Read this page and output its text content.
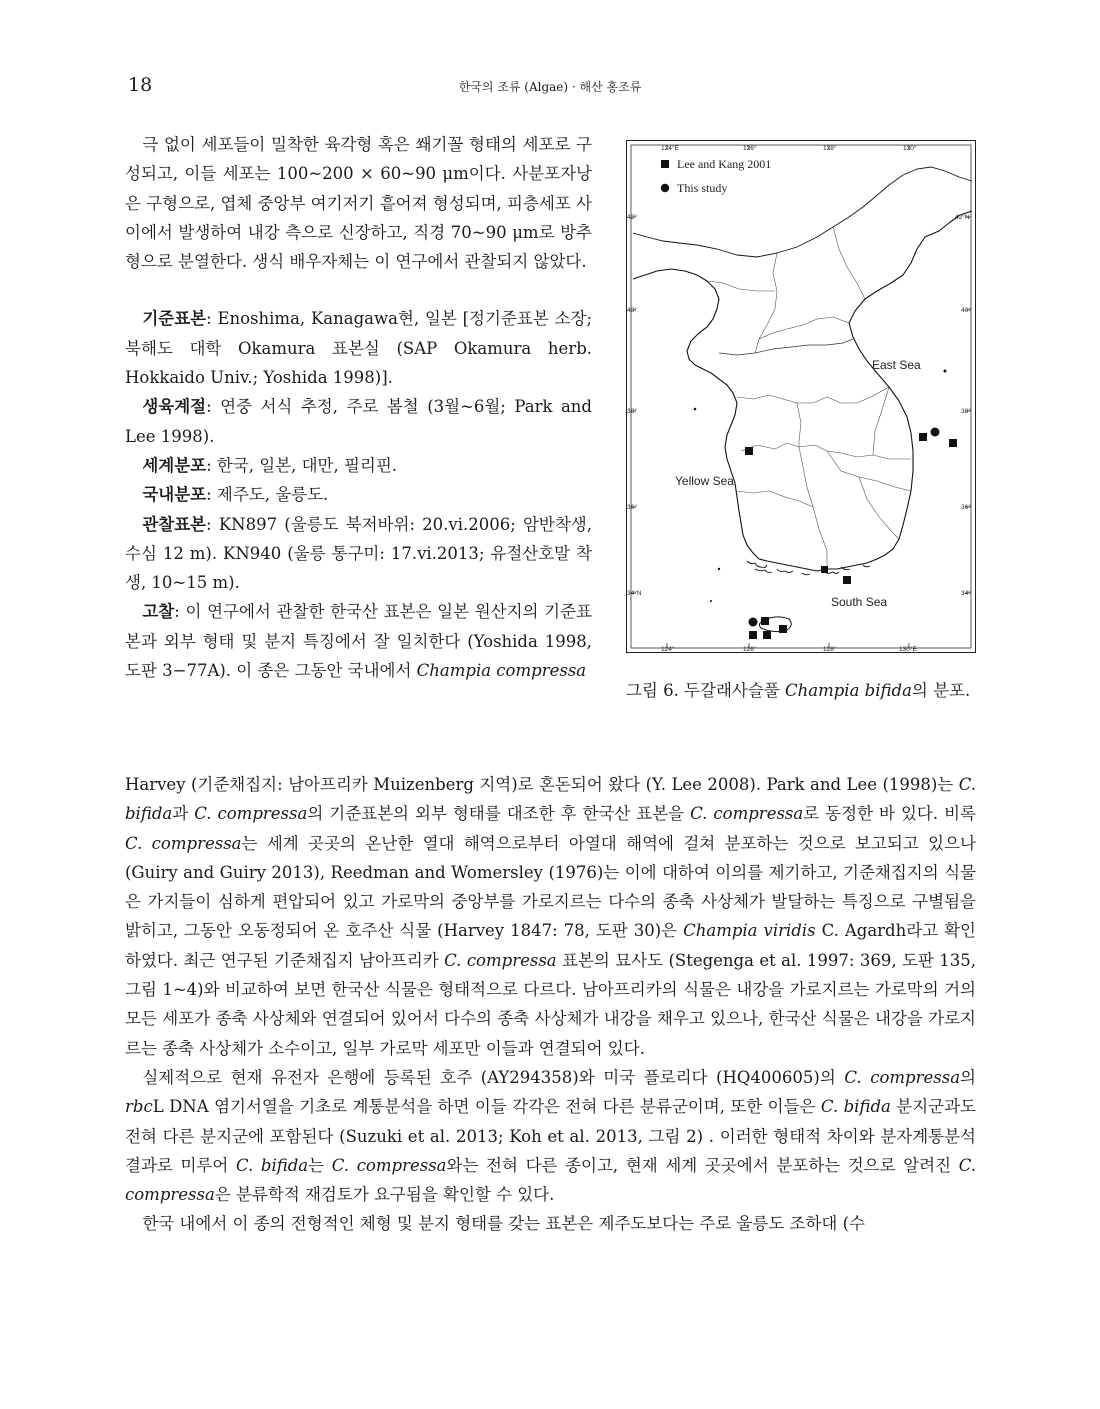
18	한국의 조류 (Algae) · 해산 홍조류

극 없이 세포들이 밀착한 육각형 혹은 쐐기꼴 형태의 세포로 구성되고, 이들 세포는 100~200 × 60~90 μm이다. 사분포자낭은 구형으로, 엽체 중앙부 여기저기 흩어져 형성되며, 피층세포 사이에서 발생하여 내강 측으로 신장하고, 직경 70~90 μm로 방추형으로 분열한다. 생식 배우자체는 이 연구에서 관찰되지 않았다.

기준표본: Enoshima, Kanagawa현, 일본 [정기준표본 소장; 북해도 대학 Okamura 표본실 (SAP Okamura herb. Hokkaido Univ.; Yoshida 1998)].

생육계절: 연중 서식 추정, 주로 봄철 (3월~6월; Park and Lee 1998).

세계분포: 한국, 일본, 대만, 필리핀.

국내분포: 제주도, 울릉도.

관찰표본: KN897 (울릉도 북저바위: 20.vi.2006; 암반착생, 수심 12 m). KN940 (울릉 통구미: 17.vi.2013; 유절산호말 착생, 10~15 m).

고찰: 이 연구에서 관찰한 한국산 표본은 일본 원산지의 기준표본과 외부 형태 및 분지 특징에서 잘 일치한다 (Yoshida 1998, 도판 3−77A). 이 종은 그동안 국내에서 Champia compressa

Harvey (기준채집지: 남아프리카 Muizenberg 지역)로 혼돈되어 왔다 (Y. Lee 2008). Park and Lee (1998)는 C. bifida과 C. compressa의 기준표본의 외부 형태를 대조한 후 한국산 표본을 C. compressa로 동정한 바 있다. 비록 C. compressa는 세계 곳곳의 온난한 열대 해역으로부터 아열대 해역에 걸쳐 분포하는 것으로 보고되고 있으나 (Guiry and Guiry 2013), Reedman and Womersley (1976)는 이에 대하여 이의를 제기하고, 기준채집지의 식물은 가지들이 심하게 편압되어 있고 가로막의 중앙부를 가로지르는 다수의 종축 사상체가 발달하는 특징으로 구별됨을 밝히고, 그동안 오동정되어 온 호주산 식물 (Harvey 1847: 78, 도판 30)은 Champia viridis C. Agardh라고 확인하였다. 최근 연구된 기준채집지 남아프리카 C. compressa 표본의 묘사도 (Stegenga et al. 1997: 369, 도판 135, 그림 1~4)와 비교하여 보면 한국산 식물은 형태적으로 다르다. 남아프리카의 식물은 내강을 가로지르는 가로막의 거의 모든 세포가 종축 사상체와 연결되어 있어서 다수의 종축 사상체가 내강을 채우고 있으나, 한국산 식물은 내강을 가로지르는 종축 사상체가 소수이고, 일부 가로막 세포만 이들과 연결되어 있다.

실제적으로 현재 유전자 은행에 등록된 호주 (AY294358)와 미국 플로리다 (HQ400605)의 C. compressa의 rbcL DNA 염기서열을 기초로 계통분석을 하면 이들 각각은 전혀 다른 분류군이며, 또한 이들은 C. bifida 분지군과도 전혀 다른 분지군에 포함된다 (Suzuki et al. 2013; Koh et al. 2013, 그림 2) . 이러한 형태적 차이와 분자계통분석 결과로 미루어 C. bifida는 C. compressa와는 전혀 다른 종이고, 현재 세계 곳곳에서 분포하는 것으로 알려진 C. compressa은 분류학적 재검토가 요구됨을 확인할 수 있다.

한국 내에서 이 종의 전형적인 체형 및 분지 형태를 갖는 표본은 제주도보다는 주로 울릉도 조하대 (수

124°E	126°	128°	130°
124°	126°	128°	130°E
42°
40°
38°
36°
34°N
42°N
40°
38°
36°
34°
East Sea
Yellow Sea
South Sea
Lee and Kang 2001
This study
그림 6. 두갈래사슬풀 Champia bifida의 분포.
